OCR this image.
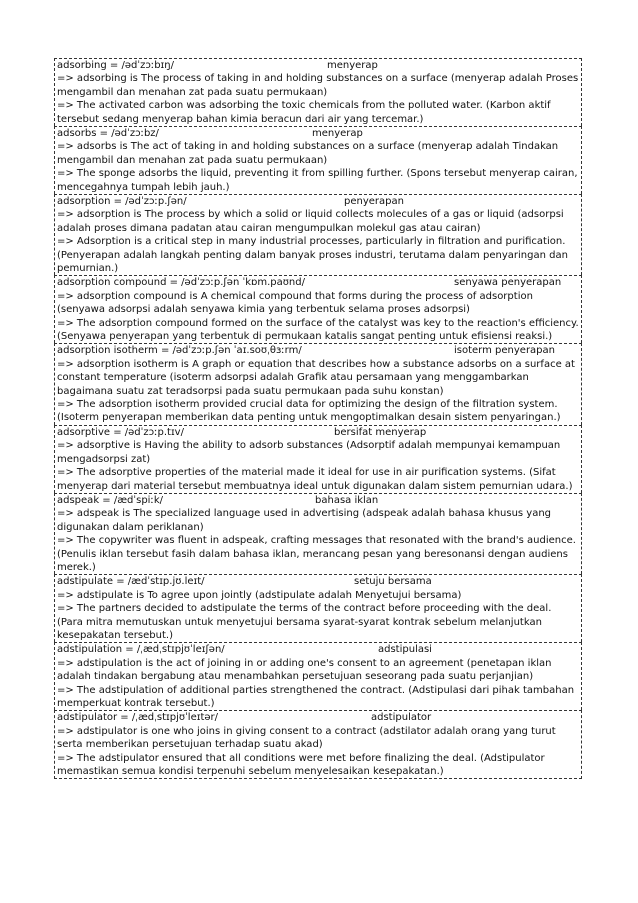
adsorbing = /ədˈzɔːbɪŋ/	menyerap

=> adsorbing is The process of taking in and holding substances on a surface (menyerap adalah Proses mengambil dan menahan zat pada suatu permukaan)

=> The activated carbon was adsorbing the toxic chemicals from the polluted water. (Karbon aktif tersebut sedang menyerap bahan kimia beracun dari air yang tercemar.)

adsorbs = /ədˈzɔːbz/	menyerap

=> adsorbs is The act of taking in and holding substances on a surface (menyerap adalah Tindakan mengambil dan menahan zat pada suatu permukaan)

=> The sponge adsorbs the liquid, preventing it from spilling further. (Spons tersebut menyerap cairan, mencegahnya tumpah lebih jauh.)

adsorption = /ədˈzɔːp.ʃən/	penyerapan

=> adsorption is The process by which a solid or liquid collects molecules of a gas or liquid (adsorpsi adalah proses dimana padatan atau cairan mengumpulkan molekul gas atau cairan)

=> Adsorption is a critical step in many industrial processes, particularly in filtration and purification. (Penyerapan adalah langkah penting dalam banyak proses industri, terutama dalam penyaringan dan pemurnian.)

adsorption compound = /ədˈzɔːp.ʃən ˈkɒm.paʊnd/	senyawa penyerapan

=> adsorption compound is A chemical compound that forms during the process of adsorption (senyawa adsorpsi adalah senyawa kimia yang terbentuk selama proses adsorpsi)

=> The adsorption compound formed on the surface of the catalyst was key to the reaction's efficiency. (Senyawa penyerapan yang terbentuk di permukaan katalis sangat penting untuk efisiensi reaksi.)

adsorption isotherm = /ədˈzɔːp.ʃən ˈaɪ.soʊˌθɜːrm/	isoterm penyerapan

=> adsorption isotherm is A graph or equation that describes how a substance adsorbs on a surface at constant temperature (isoterm adsorpsi adalah Grafik atau persamaan yang menggambarkan bagaimana suatu zat teradsorpsi pada suatu permukaan pada suhu konstan)

=> The adsorption isotherm provided crucial data for optimizing the design of the filtration system. (Isoterm penyerapan memberikan data penting untuk mengoptimalkan desain sistem penyaringan.)

adsorptive = /ədˈzɔːp.tɪv/	bersifat menyerap

=> adsorptive is Having the ability to adsorb substances (Adsorptif adalah mempunyai kemampuan mengadsorpsi zat)

=> The adsorptive properties of the material made it ideal for use in air purification systems. (Sifat menyerap dari material tersebut membuatnya ideal untuk digunakan dalam sistem pemurnian udara.)

adspeak = /ædˈspiːk/	bahasa iklan

=> adspeak is The specialized language used in advertising (adspeak adalah bahasa khusus yang digunakan dalam periklanan)

=> The copywriter was fluent in adspeak, crafting messages that resonated with the brand's audience. (Penulis iklan tersebut fasih dalam bahasa iklan, merancang pesan yang beresonansi dengan audiens merek.)

adstipulate = /ædˈstɪp.jʊ.leɪt/	setuju bersama

=> adstipulate is To agree upon jointly (adstipulate adalah Menyetujui bersama)

=> The partners decided to adstipulate the terms of the contract before proceeding with the deal. (Para mitra memutuskan untuk menyetujui bersama syarat-syarat kontrak sebelum melanjutkan kesepakatan tersebut.)

adstipulation = /ˌædˌstɪpjʊˈleɪʃən/	adstipulasi

=> adstipulation is the act of joining in or adding one's consent to an agreement (penetapan iklan adalah tindakan bergabung atau menambahkan persetujuan seseorang pada suatu perjanjian)

=> The adstipulation of additional parties strengthened the contract. (Adstipulasi dari pihak tambahan memperkuat kontrak tersebut.)

adstipulator = /ˌædˌstɪpjʊˈleɪtər/	adstipulator

=> adstipulator is one who joins in giving consent to a contract (adstilator adalah orang yang turut serta memberikan persetujuan terhadap suatu akad)

=> The adstipulator ensured that all conditions were met before finalizing the deal. (Adstipulator memastikan semua kondisi terpenuhi sebelum menyelesaikan kesepakatan.)
